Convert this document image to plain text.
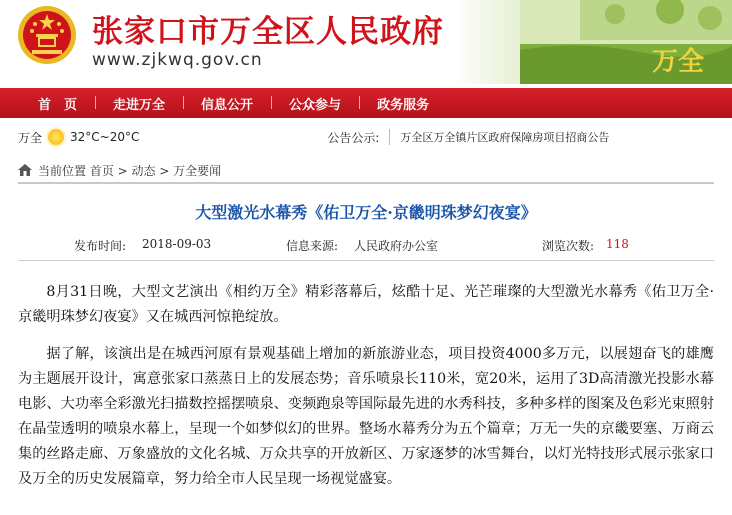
张家口市万全区人民政府
www.zjkwq.gov.cn	万全
首　页	走进万全	信息公开	公众参与	政务服务
万全 32°C~20°C	公告公示: 万全区万全镇片区政府保障房项目招商公告
当前位置 首页 > 动态 > 万全要闻
大型激光水幕秀《佑卫万全·京畿明珠梦幻夜宴》
发布时间: 2018-09-03	信息来源: 人民政府办公室	浏览次数: 118

8月31日晚，大型文艺演出《相约万全》精彩落幕后，炫酷十足、光芒璀璨的大型激光水幕秀《佑卫万全·京畿明珠梦幻夜宴》又在城西河惊艳绽放。

据了解，该演出是在城西河原有景观基础上增加的新旅游业态，项目投资4000多万元，以展翅奋飞的雄鹰为主题展开设计，寓意张家口蒸蒸日上的发展态势；音乐喷泉长110米，宽20米，运用了3D高清激光投影水幕电影、大功率全彩激光扫描数控摇摆喷泉、变频跑泉等国际最先进的水秀科技，多种多样的图案及色彩光束照射在晶莹透明的喷泉水幕上，呈现一个如梦似幻的世界。整场水幕秀分为五个篇章；万无一失的京畿要塞、万商云集的丝路走廊、万象盛放的文化名城、万众共享的开放新区、万家逐梦的冰雪舞台，以灯光特技形式展示张家口及万全的历史发展篇章，努力给全市人民呈现一场视觉盛宴。
